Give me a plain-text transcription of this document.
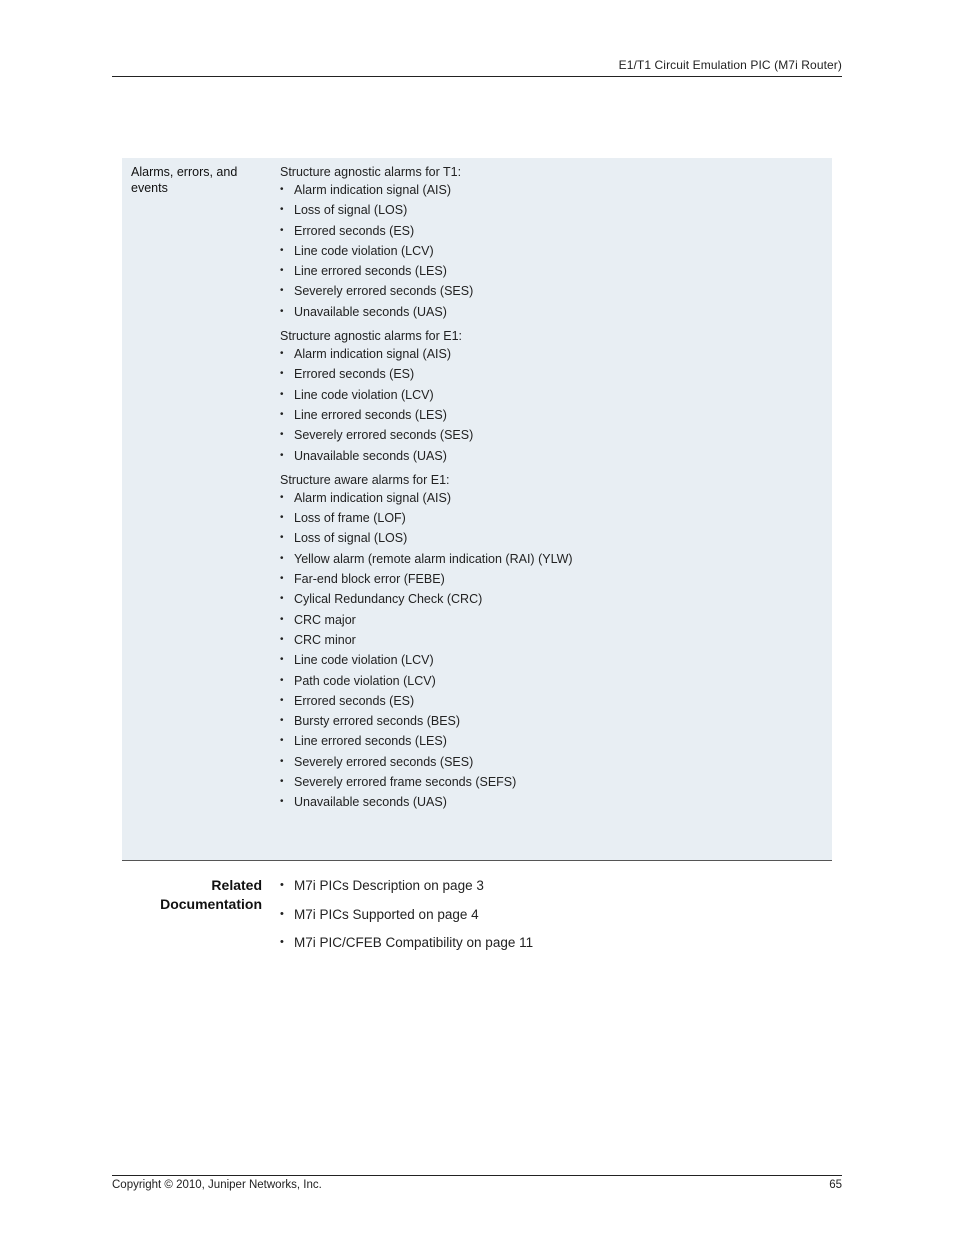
E1/T1 Circuit Emulation PIC (M7i Router)
Alarms, errors, and events

Structure agnostic alarms for T1:

• Alarm indication signal (AIS)
• Loss of signal (LOS)
• Errored seconds (ES)
• Line code violation (LCV)
• Line errored seconds (LES)
• Severely errored seconds (SES)
• Unavailable seconds (UAS)

Structure agnostic alarms for E1:

• Alarm indication signal (AIS)
• Errored seconds (ES)
• Line code violation (LCV)
• Line errored seconds (LES)
• Severely errored seconds (SES)
• Unavailable seconds (UAS)

Structure aware alarms for E1:

• Alarm indication signal (AIS)
• Loss of frame (LOF)
• Loss of signal (LOS)
• Yellow alarm (remote alarm indication (RAI) (YLW)
• Far-end block error (FEBE)
• Cylical Redundancy Check (CRC)
• CRC major
• CRC minor
• Line code violation (LCV)
• Path code violation (LCV)
• Errored seconds (ES)
• Bursty errored seconds (BES)
• Line errored seconds (LES)
• Severely errored seconds (SES)
• Severely errored frame seconds (SEFS)
• Unavailable seconds (UAS)
Related
Documentation
• M7i PICs Description on page 3
• M7i PICs Supported on page 4
• M7i PIC/CFEB Compatibility on page 11
Copyright © 2010, Juniper Networks, Inc.	65
